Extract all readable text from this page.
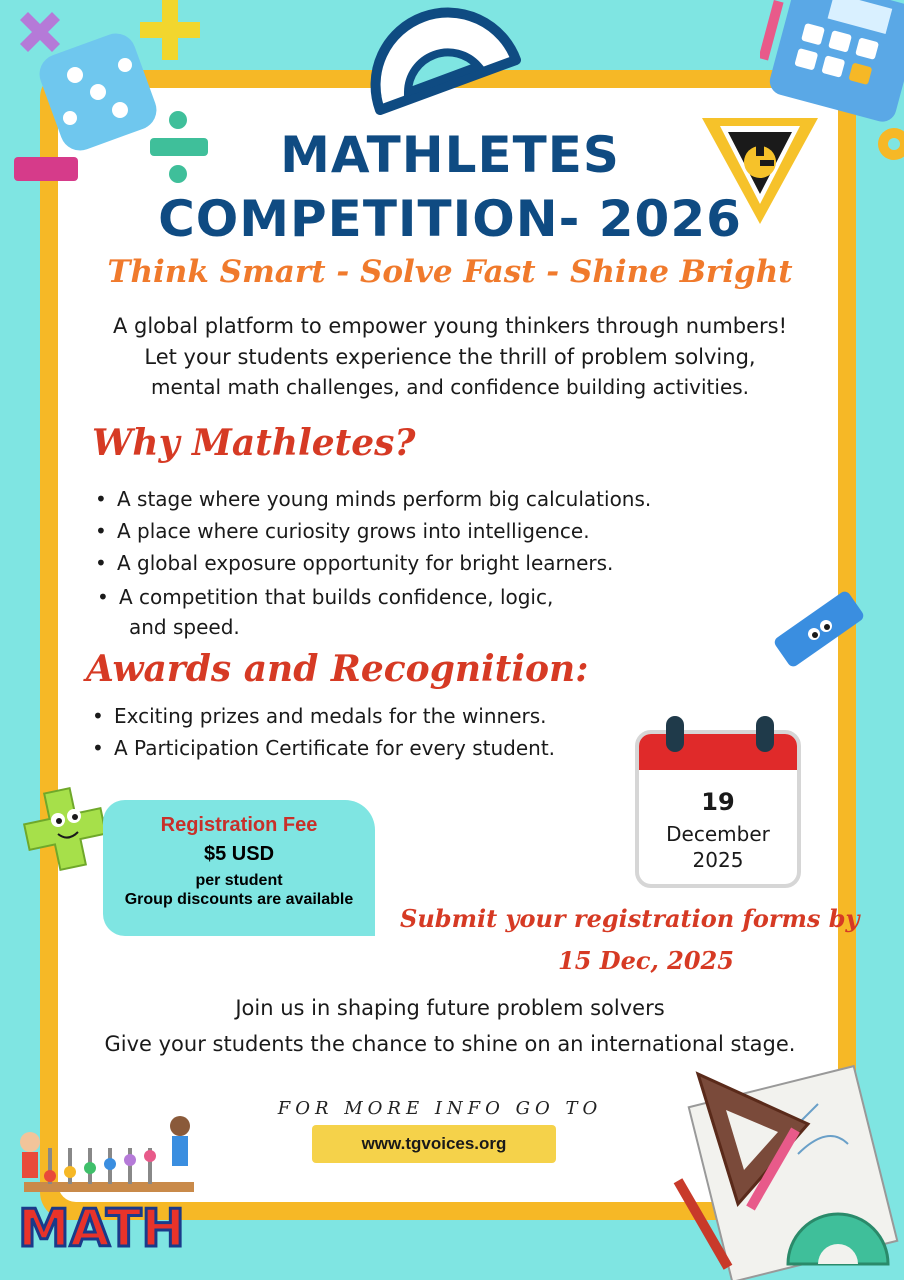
MATHLETES
COMPETITION- 2026
Think Smart - Solve Fast - Shine Bright
A global platform to empower young thinkers through numbers!
Let your students experience the thrill of problem solving,
mental math challenges, and confidence building activities.
Why Mathletes?
• A stage where young minds perform big calculations.
• A place where curiosity grows into intelligence.
• A global exposure opportunity for bright learners.
• A competition that builds confidence, logic,
and speed.
Awards and Recognition:
• Exciting prizes and medals for the winners.
• A Participation Certificate for every student.
Registration Fee
$5 USD
per student
Group discounts are available
19
December
2025
Submit your registration forms by
15 Dec, 2025
Join us in shaping future problem solvers
Give your students the chance to shine on an international stage.
FOR MORE INFO GO TO
www.tgvoices.org
MATH
